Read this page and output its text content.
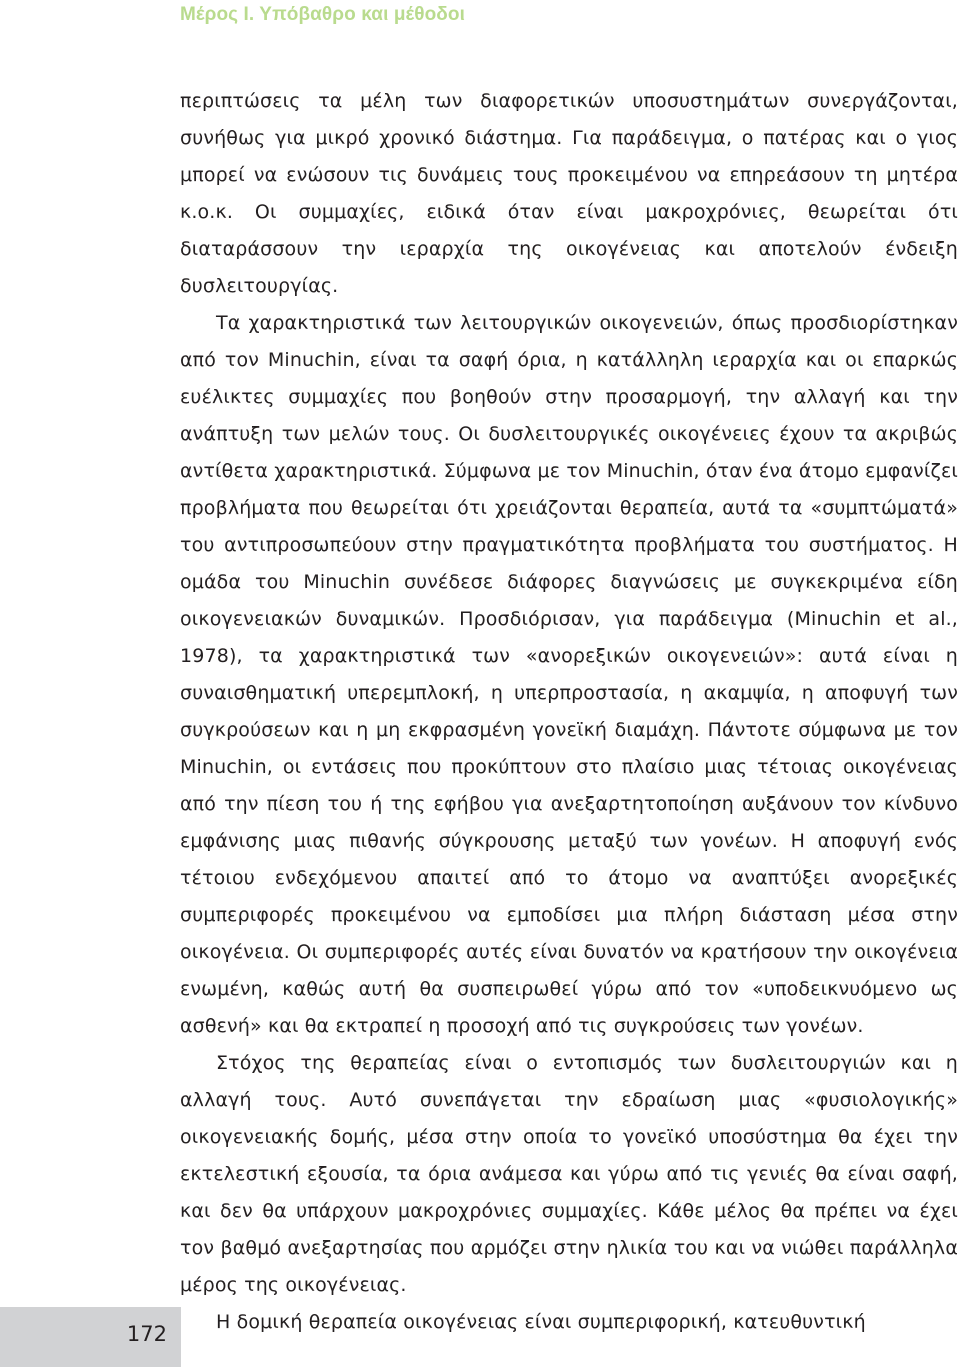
Μέρος Ι. Υπόβαθρο και μέθοδοι

περιπτώσεις τα μέλη των διαφορετικών υποσυστημάτων συνεργάζονται, συνήθως για μικρό χρονικό διάστημα. Για παράδειγμα, ο πατέρας και ο γιος μπορεί να ενώσουν τις δυνάμεις τους προκειμένου να επηρεάσουν τη μητέρα κ.ο.κ. Οι συμμαχίες, ειδικά όταν είναι μακροχρόνιες, θεωρείται ότι διαταράσσουν την ιεραρχία της οικογένειας και αποτελούν ένδειξη δυσλειτουργίας.

Τα χαρακτηριστικά των λειτουργικών οικογενειών, όπως προσδιορίστηκαν από τον Minuchin, είναι τα σαφή όρια, η κατάλληλη ιεραρχία και οι επαρκώς ευέλικτες συμμαχίες που βοηθούν στην προσαρμογή, την αλλαγή και την ανάπτυξη των μελών τους. Οι δυσλειτουργικές οικογένειες έχουν τα ακριβώς αντίθετα χαρακτηριστικά. Σύμφωνα με τον Minuchin, όταν ένα άτομο εμφανίζει προβλήματα που θεωρείται ότι χρειάζονται θεραπεία, αυτά τα «συμπτώματά» του αντιπροσωπεύουν στην πραγματικότητα προβλήματα του συστήματος. Η ομάδα του Minuchin συνέδεσε διάφορες διαγνώσεις με συγκεκριμένα είδη οικογενειακών δυναμικών. Προσδιόρισαν, για παράδειγμα (Minuchin et al., 1978), τα χαρακτηριστικά των «ανορεξικών οικογενειών»: αυτά είναι η συναισθηματική υπερεμπλοκή, η υπερπροστασία, η ακαμψία, η αποφυγή των συγκρούσεων και η μη εκφρασμένη γονεϊκή διαμάχη. Πάντοτε σύμφωνα με τον Minuchin, οι εντάσεις που προκύπτουν στο πλαίσιο μιας τέτοιας οικογένειας από την πίεση του ή της εφήβου για ανεξαρτητοποίηση αυξάνουν τον κίνδυνο εμφάνισης μιας πιθανής σύγκρουσης μεταξύ των γονέων. Η αποφυγή ενός τέτοιου ενδεχόμενου απαιτεί από το άτομο να αναπτύξει ανορεξικές συμπεριφορές προκειμένου να εμποδίσει μια πλήρη διάσταση μέσα στην οικογένεια. Οι συμπεριφορές αυτές είναι δυνατόν να κρατήσουν την οικογένεια ενωμένη, καθώς αυτή θα συσπειρωθεί γύρω από τον «υποδεικνυόμενο ως ασθενή» και θα εκτραπεί η προσοχή από τις συγκρούσεις των γονέων.

Στόχος της θεραπείας είναι ο εντοπισμός των δυσλειτουργιών και η αλλαγή τους. Αυτό συνεπάγεται την εδραίωση μιας «φυσιολογικής» οικογενειακής δομής, μέσα στην οποία το γονεϊκό υποσύστημα θα έχει την εκτελεστική εξουσία, τα όρια ανάμεσα και γύρω από τις γενιές θα είναι σαφή, και δεν θα υπάρχουν μακροχρόνιες συμμαχίες. Κάθε μέλος θα πρέπει να έχει τον βαθμό ανεξαρτησίας που αρμόζει στην ηλικία του και να νιώθει παράλληλα μέρος της οικογένειας.

Η δομική θεραπεία οικογένειας είναι συμπεριφορική, κατευθυντική

172
